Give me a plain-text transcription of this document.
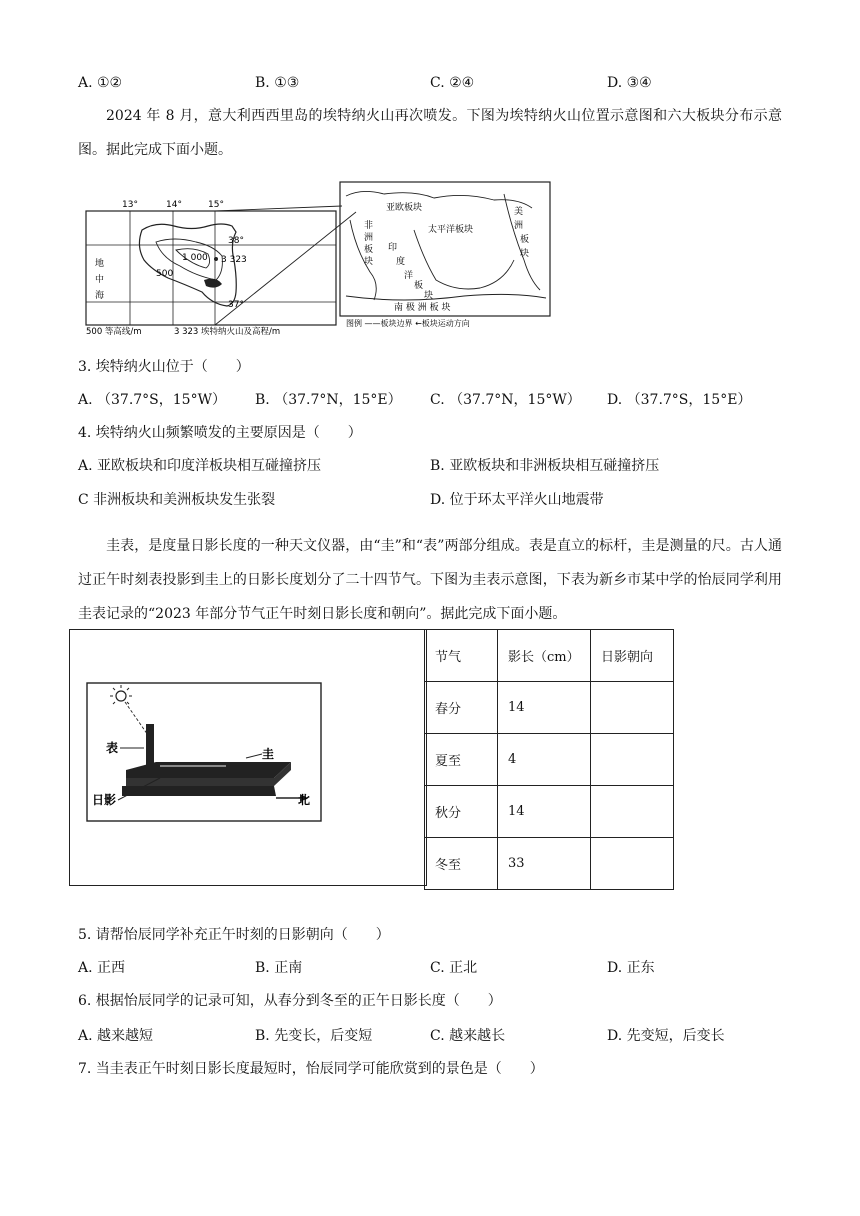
A. ①②	B. ①③	C. ②④	D. ③④
2024 年 8 月，意大利西西里岛的埃特纳火山再次喷发。下图为埃特纳火山位置示意图和六大板块分布示意图。据此完成下面小题。
1 000
500
3 323
地
中
海
13°	14°	15°
38°
37°
500 等高线/m	3 323 埃特纳火山及高程/m
亚欧板块
太平洋板块
非
洲
板
块
印
度
洋
板
块
美
洲
板
块
南 极 洲 板 块
图例 ——板块边界 ←板块运动方向
3. 埃特纳火山位于（　　）
A. （37.7°S，15°W） B. （37.7°N，15°E） C. （37.7°N，15°W） D. （37.7°S，15°E）
4. 埃特纳火山频繁喷发的主要原因是（　　）
A. 亚欧板块和印度洋板块相互碰撞挤压	B. 亚欧板块和非洲板块相互碰撞挤压
C 非洲板块和美洲板块发生张裂	D. 位于环太平洋火山地震带
圭表，是度量日影长度的一种天文仪器，由“圭”和“表”两部分组成。表是直立的标杆，圭是测量的尺。古人通过正午时刻表投影到圭上的日影长度划分了二十四节气。下图为圭表示意图，下表为新乡市某中学的怡辰同学利用圭表记录的“2023 年部分节气正午时刻日影长度和朝向”。据此完成下面小题。
北
表	圭
日影
节气	影长（cm）	日影朝向
春分	14	
夏至	4	
秋分	14	
冬至	33	
5. 请帮怡辰同学补充正午时刻的日影朝向（　　）
A. 正西	B. 正南	C. 正北	D. 正东
6. 根据怡辰同学的记录可知，从春分到冬至的正午日影长度（　　）
A. 越来越短	B. 先变长，后变短	C. 越来越长	D. 先变短，后变长
7. 当圭表正午时刻日影长度最短时，怡辰同学可能欣赏到的景色是（　　）
